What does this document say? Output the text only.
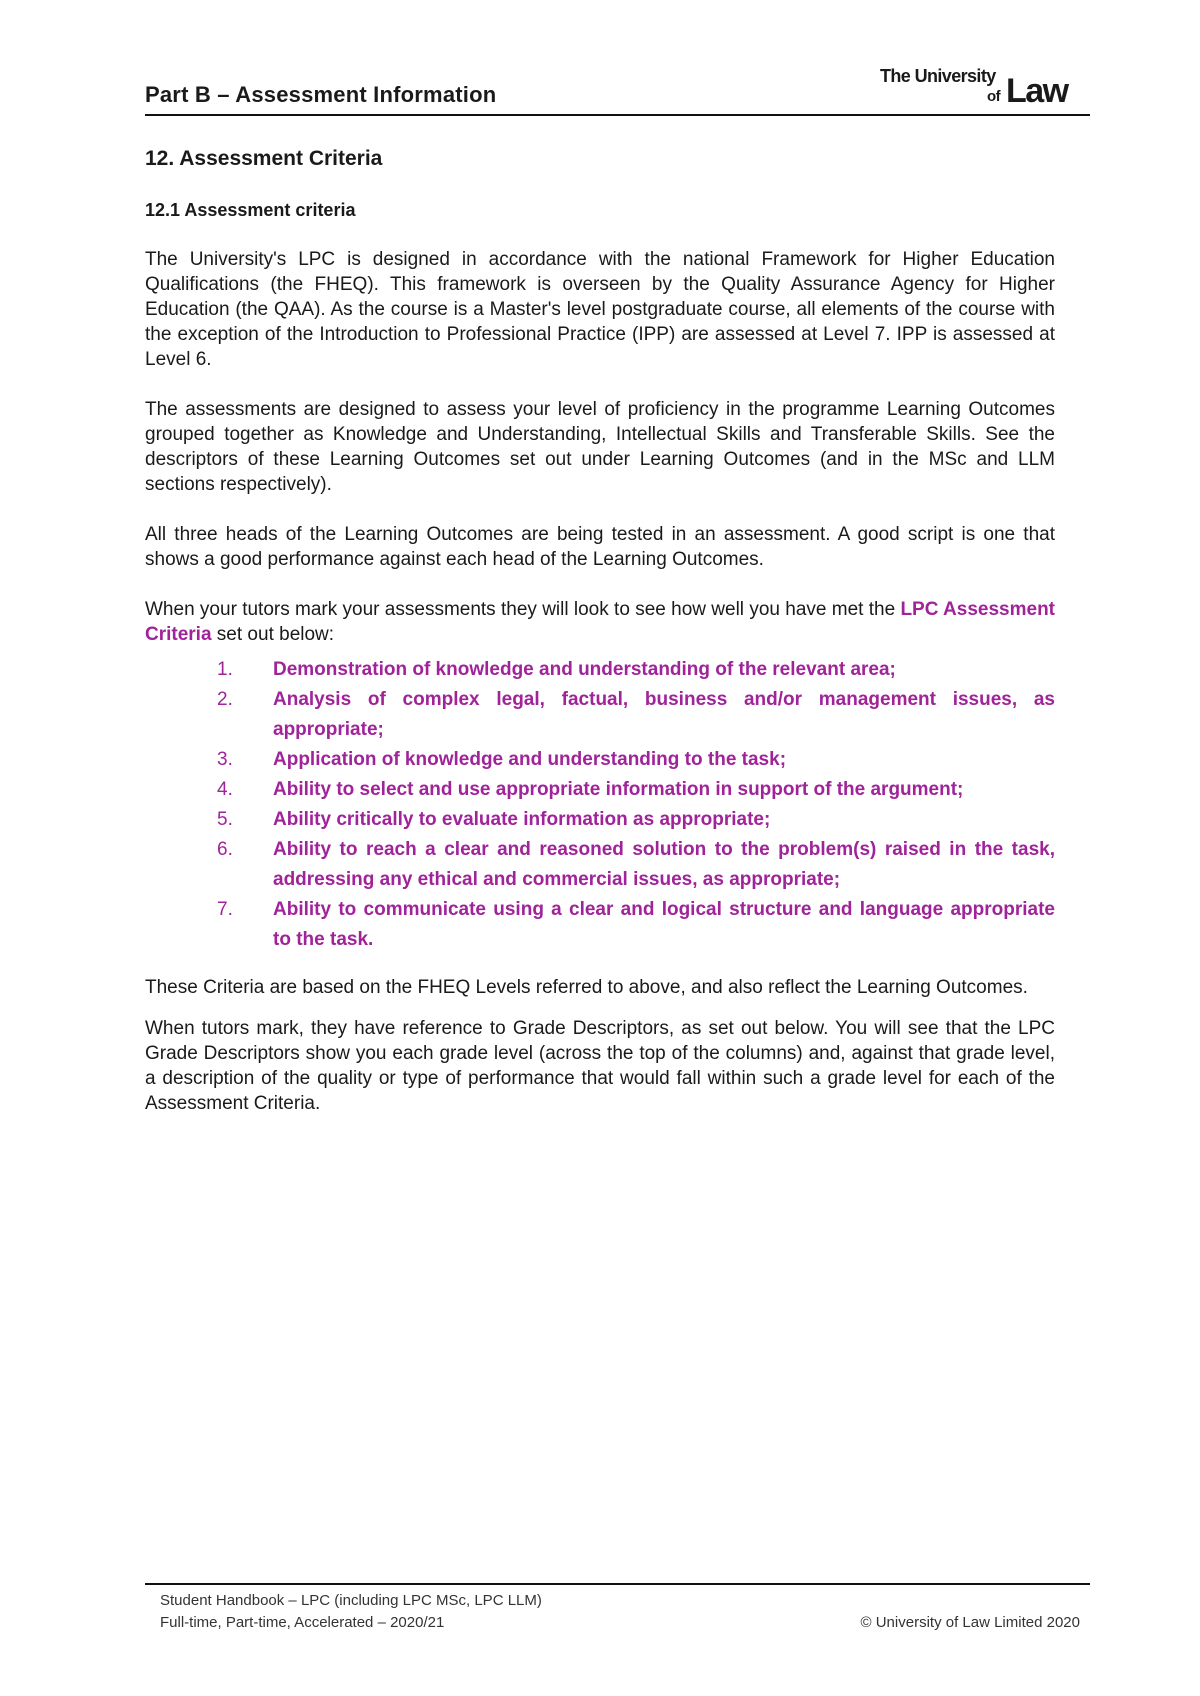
Part B – Assessment Information
The University
of Law
12. Assessment Criteria
12.1 Assessment criteria

The University's LPC is designed in accordance with the national Framework for Higher Education Qualifications (the FHEQ). This framework is overseen by the Quality Assurance Agency for Higher Education (the QAA). As the course is a Master's level postgraduate course, all elements of the course with the exception of the Introduction to Professional Practice (IPP) are assessed at Level 7. IPP is assessed at Level 6.

The assessments are designed to assess your level of proficiency in the programme Learning Outcomes grouped together as Knowledge and Understanding, Intellectual Skills and Transferable Skills. See the descriptors of these Learning Outcomes set out under Learning Outcomes (and in the MSc and LLM sections respectively).

All three heads of the Learning Outcomes are being tested in an assessment. A good script is one that shows a good performance against each head of the Learning Outcomes.

When your tutors mark your assessments they will look to see how well you have met the LPC Assessment Criteria set out below:

1. Demonstration of knowledge and understanding of the relevant area;
2. Analysis of complex legal, factual, business and/or management issues, as appropriate;
3. Application of knowledge and understanding to the task;
4. Ability to select and use appropriate information in support of the argument;
5. Ability critically to evaluate information as appropriate;
6. Ability to reach a clear and reasoned solution to the problem(s) raised in the task, addressing any ethical and commercial issues, as appropriate;
7. Ability to communicate using a clear and logical structure and language appropriate to the task.

These Criteria are based on the FHEQ Levels referred to above, and also reflect the Learning Outcomes.

When tutors mark, they have reference to Grade Descriptors, as set out below. You will see that the LPC Grade Descriptors show you each grade level (across the top of the columns) and, against that grade level, a description of the quality or type of performance that would fall within such a grade level for each of the Assessment Criteria.

Student Handbook – LPC (including LPC MSc, LPC LLM)
Full-time, Part-time, Accelerated – 2020/21	© University of Law Limited 2020
